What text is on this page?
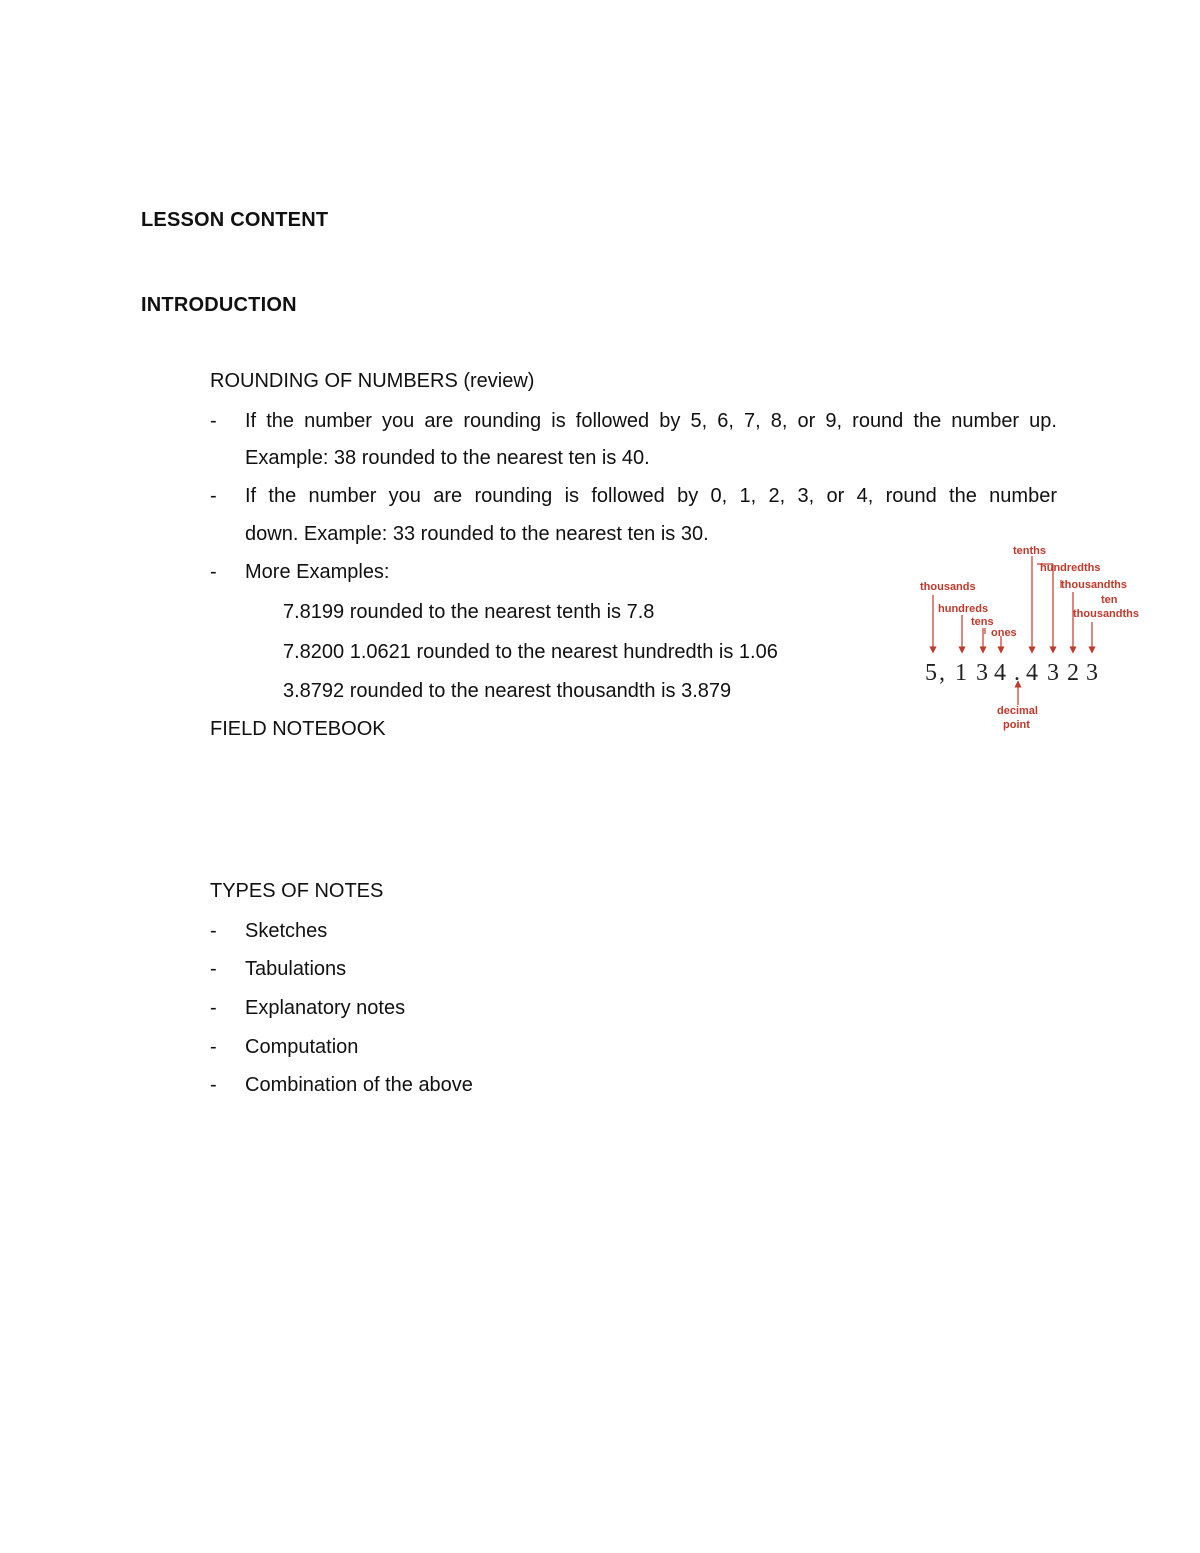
LESSON CONTENT
INTRODUCTION
ROUNDING OF NUMBERS (review)
- If the number you are rounding is followed by 5, 6, 7, 8, or 9, round the number up.
Example: 38 rounded to the nearest ten is 40.
- If the number you are rounding is followed by 0, 1, 2, 3, or 4, round the number
down. Example: 33 rounded to the nearest ten is 30.
- More Examples:
7.8199 rounded to the nearest tenth is 7.8
7.8200 1.0621 rounded to the nearest hundredth is 1.06
3.8792 rounded to the nearest thousandth is 3.879
FIELD NOTEBOOK
TYPES OF NOTES
- Sketches
- Tabulations
- Explanatory notes
- Computation
- Combination of the above
thousands
hundreds
tens
ones
tenths
hundredths
thousandths
ten
thousandths
decimal
point
5 , 1 3 4 . 4 3 2 3
